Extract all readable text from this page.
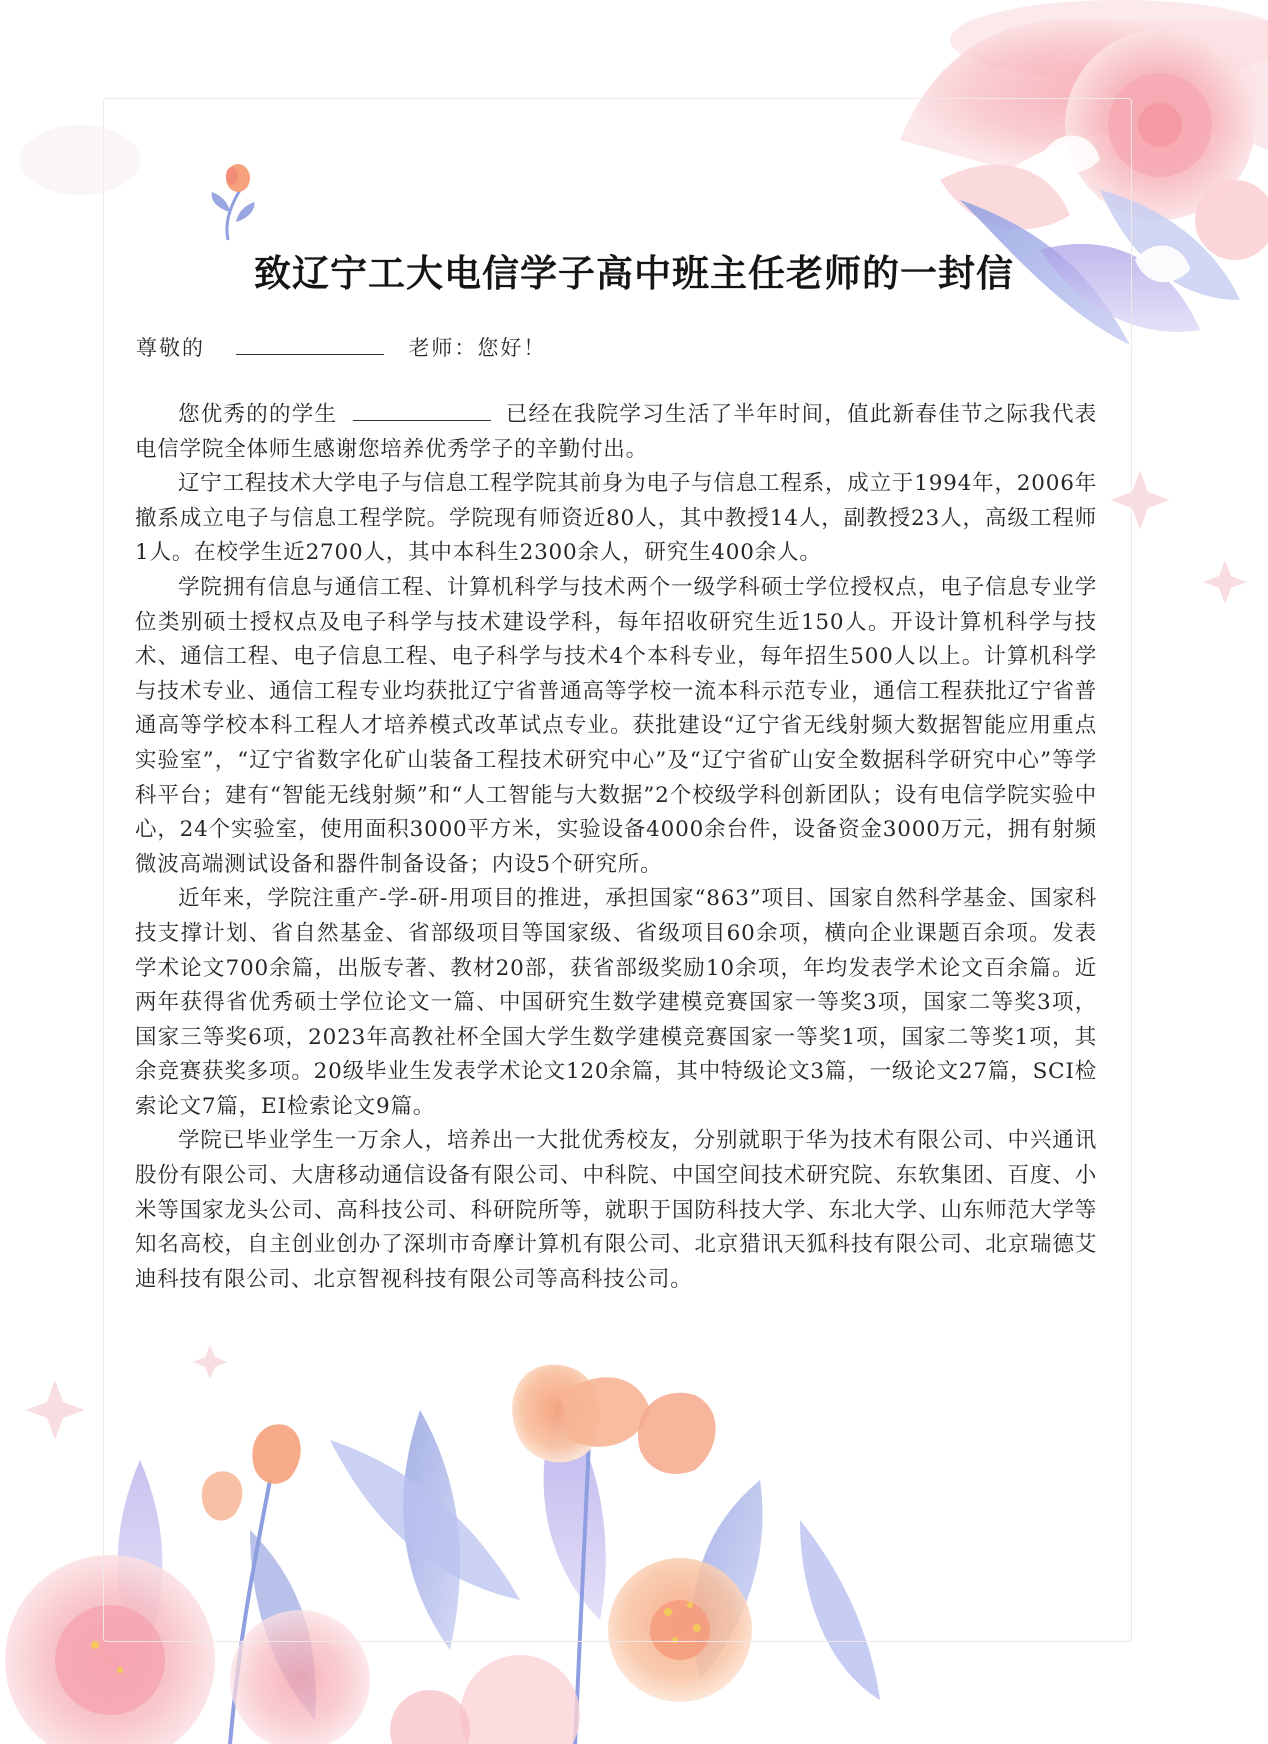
致辽宁工大电信学子高中班主任老师的一封信
尊敬的	老师：您好！

您优秀的的学生	已经在我院学习生活了半年时间，值此新春佳节之际我代表电信学院全体师生感谢您培养优秀学子的辛勤付出。

辽宁工程技术大学电子与信息工程学院其前身为电子与信息工程系，成立于1994年，2006年撤系成立电子与信息工程学院。学院现有师资近80人，其中教授14人，副教授23人，高级工程师1人。在校学生近2700人，其中本科生2300余人，研究生400余人。

学院拥有信息与通信工程、计算机科学与技术两个一级学科硕士学位授权点，电子信息专业学位类别硕士授权点及电子科学与技术建设学科，每年招收研究生近150人。开设计算机科学与技术、通信工程、电子信息工程、电子科学与技术4个本科专业，每年招生500人以上。计算机科学与技术专业、通信工程专业均获批辽宁省普通高等学校一流本科示范专业，通信工程获批辽宁省普通高等学校本科工程人才培养模式改革试点专业。获批建设“辽宁省无线射频大数据智能应用重点实验室”，“辽宁省数字化矿山装备工程技术研究中心”及“辽宁省矿山安全数据科学研究中心”等学科平台；建有“智能无线射频”和“人工智能与大数据”2个校级学科创新团队；设有电信学院实验中心，24个实验室，使用面积3000平方米，实验设备4000余台件，设备资金3000万元，拥有射频微波高端测试设备和器件制备设备；内设5个研究所。

近年来，学院注重产-学-研-用项目的推进，承担国家“863”项目、国家自然科学基金、国家科技支撑计划、省自然基金、省部级项目等国家级、省级项目60余项，横向企业课题百余项。发表学术论文700余篇，出版专著、教材20部，获省部级奖励10余项，年均发表学术论文百余篇。近两年获得省优秀硕士学位论文一篇、中国研究生数学建模竞赛国家一等奖3项，国家二等奖3项，国家三等奖6项，2023年高教社杯全国大学生数学建模竞赛国家一等奖1项，国家二等奖1项，其余竞赛获奖多项。20级毕业生发表学术论文120余篇，其中特级论文3篇，一级论文27篇，SCI检索论文7篇，EI检索论文9篇。

学院已毕业学生一万余人，培养出一大批优秀校友，分别就职于华为技术有限公司、中兴通讯股份有限公司、大唐移动通信设备有限公司、中科院、中国空间技术研究院、东软集团、百度、小米等国家龙头公司、高科技公司、科研院所等，就职于国防科技大学、东北大学、山东师范大学等知名高校，自主创业创办了深圳市奇摩计算机有限公司、北京猎讯天狐科技有限公司、北京瑞德艾迪科技有限公司、北京智视科技有限公司等高科技公司。
